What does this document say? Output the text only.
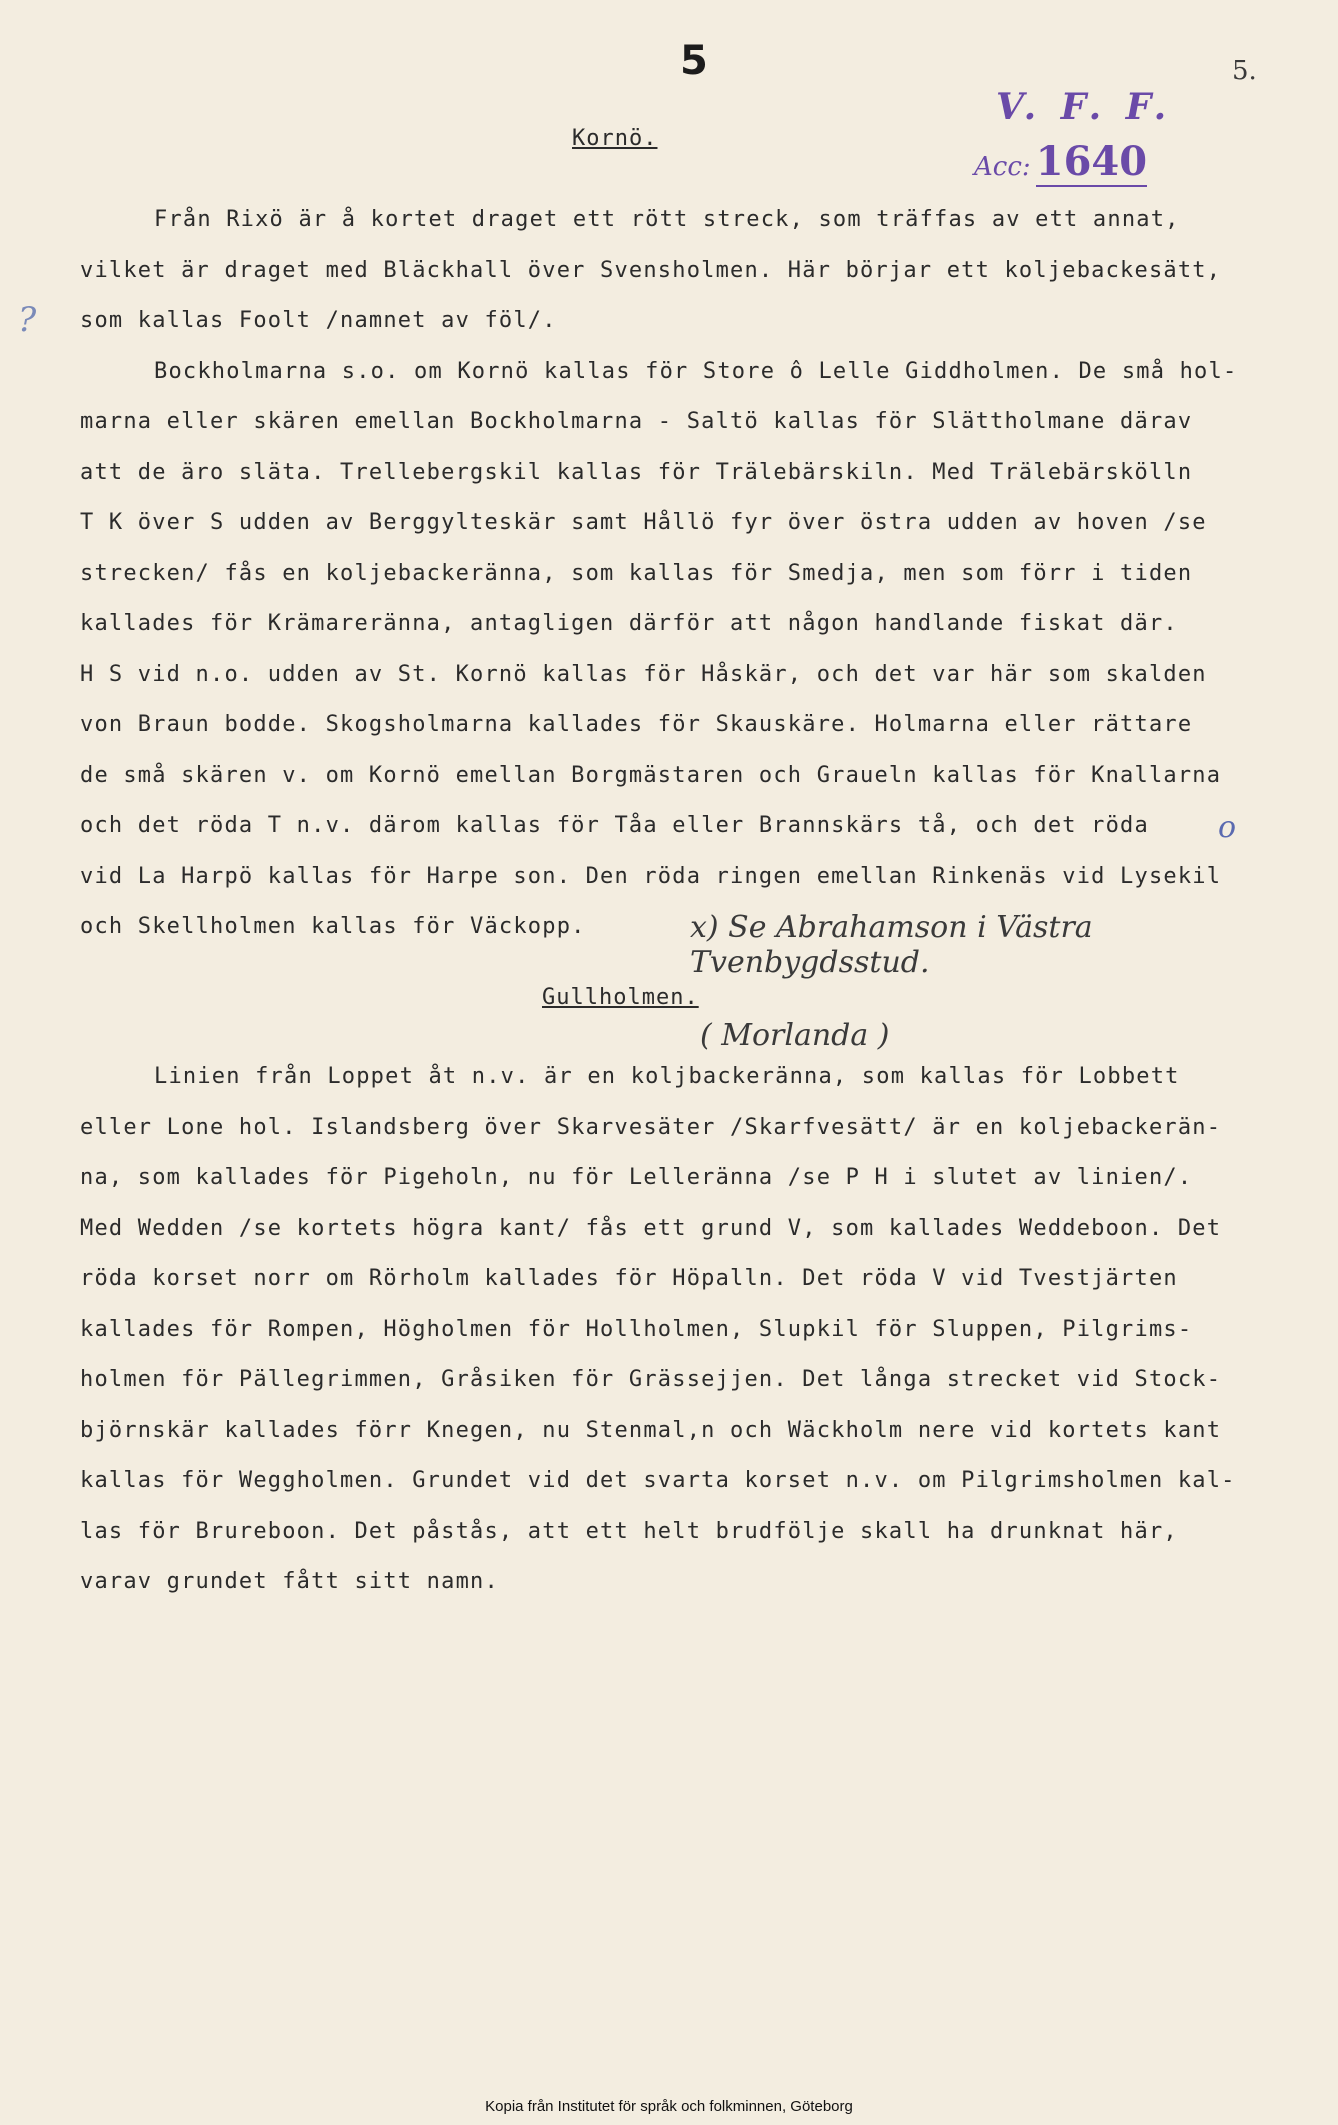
5	5.
V. F. F.
Acc: 1640
?
o
Kornö.

Från Rixö är å kortet draget ett rött streck, som träffas av ett annat,

vilket är draget med Bläckhall över Svensholmen. Här börjar ett koljebackesätt,

som kallas Foolt /namnet av föl/.

Bockholmarna s.o. om Kornö kallas för Store ô Lelle Giddholmen. De små hol-

marna eller skären emellan Bockholmarna - Saltö kallas för Slättholmane därav

att de äro släta. Trellebergskil kallas för Trälebärskiln. Med Trälebärskölln

T K över S udden av Berggylteskär samt Hållö fyr över östra udden av hoven /se

strecken/ fås en koljebackeränna, som kallas för Smedja, men som förr i tiden

kallades för Krämareränna, antagligen därför att någon handlande fiskat där.

H S vid n.o. udden av St. Kornö kallas för Håskär, och det var här som skalden

von Braun bodde. Skogsholmarna kallades för Skauskäre. Holmarna eller rättare

de små skären v. om Kornö emellan Borgmästaren och Graueln kallas för Knallarna

och det röda T n.v. därom kallas för Tåa eller Brannskärs tå, och det röda

vid La Harpö kallas för Harpe son. Den röda ringen emellan Rinkenäs vid Lysekil

och Skellholmen kallas för Väckopp.	x) Se Abrahamson i Västra Tvenbygdsstud.
Gullholmen.
( Morlanda )

Linien från Loppet åt n.v. är en koljbackeränna, som kallas för Lobbett

eller Lone hol. Islandsberg över Skarvesäter /Skarfvesätt/ är en koljebackerän-

na, som kallades för Pigeholn, nu för Lelleränna /se P H i slutet av linien/.

Med Wedden /se kortets högra kant/ fås ett grund V, som kallades Weddeboon. Det

röda korset norr om Rörholm kallades för Höpalln. Det röda V vid Tvestjärten

kallades för Rompen, Högholmen för Hollholmen, Slupkil för Sluppen, Pilgrims-

holmen för Pällegrimmen, Gråsiken för Grässejjen. Det långa strecket vid Stock-

björnskär kallades förr Knegen, nu Stenmal,n och Wäckholm nere vid kortets kant

kallas för Weggholmen. Grundet vid det svarta korset n.v. om Pilgrimsholmen kal-

las för Brureboon. Det påstås, att ett helt brudfölje skall ha drunknat här,

varav grundet fått sitt namn.

Kopia från Institutet för språk och folkminnen, Göteborg
